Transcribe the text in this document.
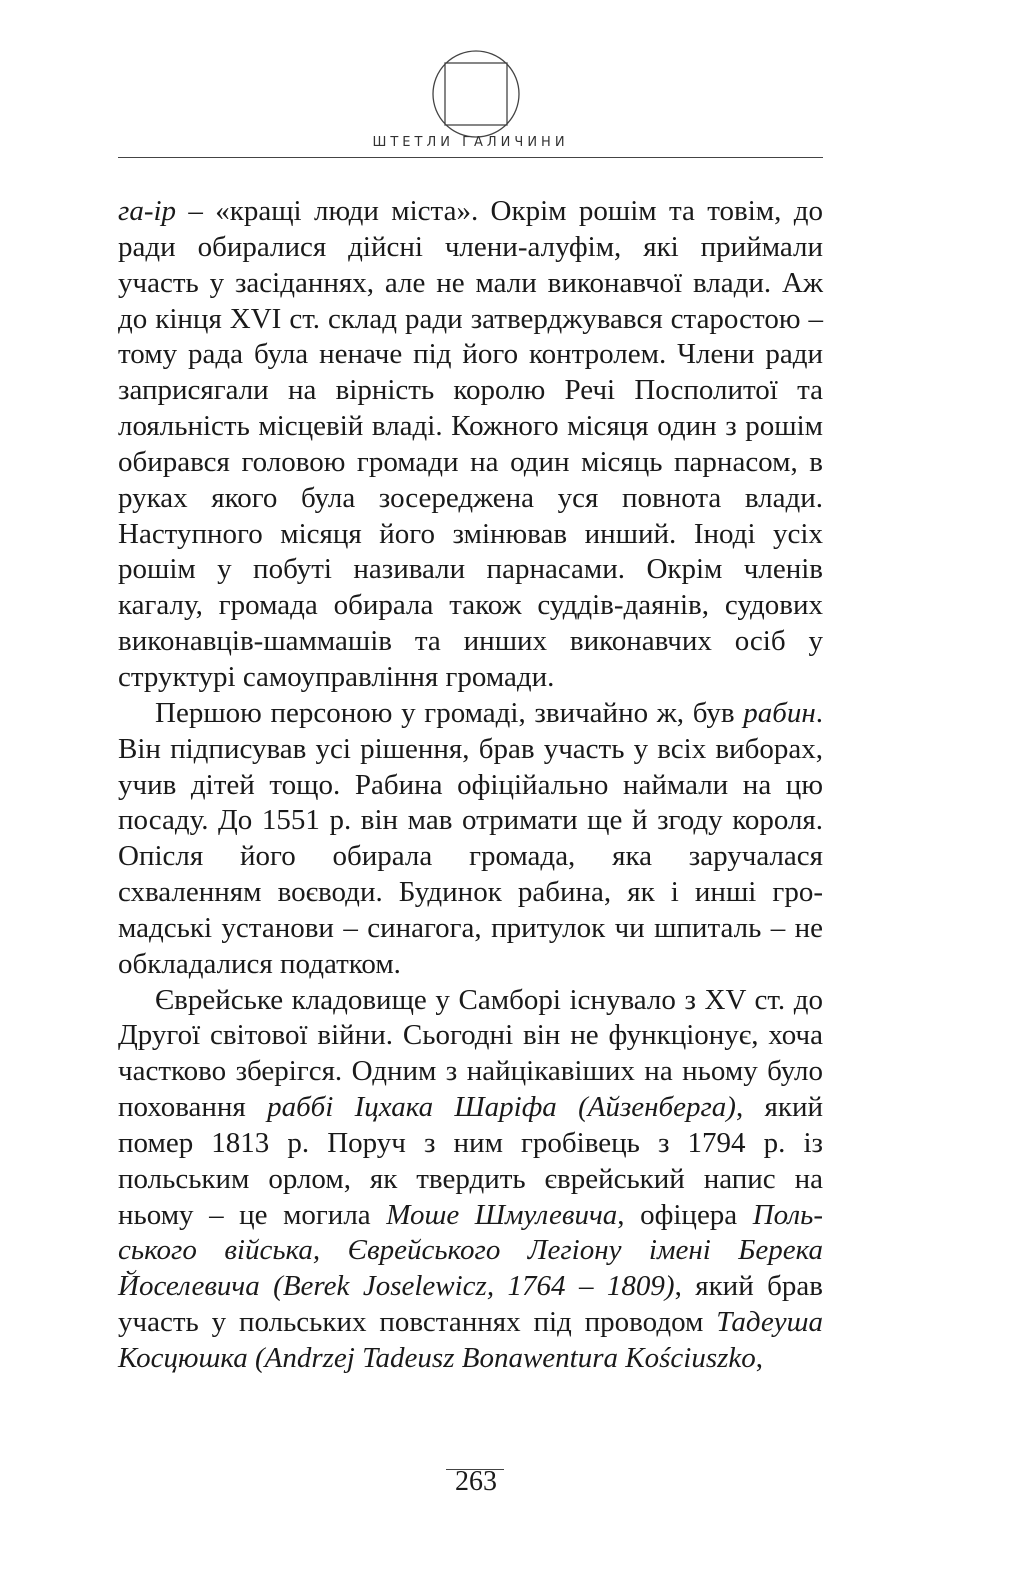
ШТЕТЛИ ГАЛИЧИНИ

га-ір – «кращі люди міста». Окрім рошім та товім, до ради обиралися дійсні члени-алуфім, які приймали участь у засіданнях, але не мали виконавчої влади. Аж до кінця XVI ст. склад ради затверджувався старостою – тому рада була неначе під його контролем. Члени ради заприсягали на вірність королю Речі Посполитої та лояльність місцевій владі. Кожного місяця один з рошім обирався головою громади на один місяць парнасом, в руках якого була зосереджена уся повнота влади. Наступного місяця його змінював инший. Іноді усіх рошім у побуті називали парнасами. Окрім членів кагалу, громада обирала також суддів-даянів, судових виконавців-шаммашів та инших виконавчих осіб у структурі самоуправління громади.

Першою персоною у громаді, звичайно ж, був рабин. Він підписував усі рішення, брав участь у всіх виборах, учив дітей тощо. Рабина офіційально наймали на цю посаду. До 1551 р. він мав отримати ще й згоду короля. Опісля його обирала громада, яка заручалася схваленням воєводи. Будинок рабина, як і инші громадські установи – синагога, притулок чи шпиталь – не обкладалися податком.

Єврейське кладовище у Самборі існувало з XV ст. до Другої світової війни. Сьогодні він не функціонує, хоча частково зберігся. Одним з найцікавіших на ньому було поховання раббі Іцхака Шаріфа (Айзенберга), який помер 1813 р. Поруч з ним гробівець з 1794 р. із польським орлом, як твердить єврейський напис на ньому – це могила Моше Шмулевича, офіцера Польського війська, Єврейського Легіону імені Берека Йоселевича (Berek Joselewicz, 1764 – 1809), який брав участь у польських повстаннях під проводом Тадеуша Косцюшка (Andrzej Tadeusz Bonawentura Kościuszko,

263
